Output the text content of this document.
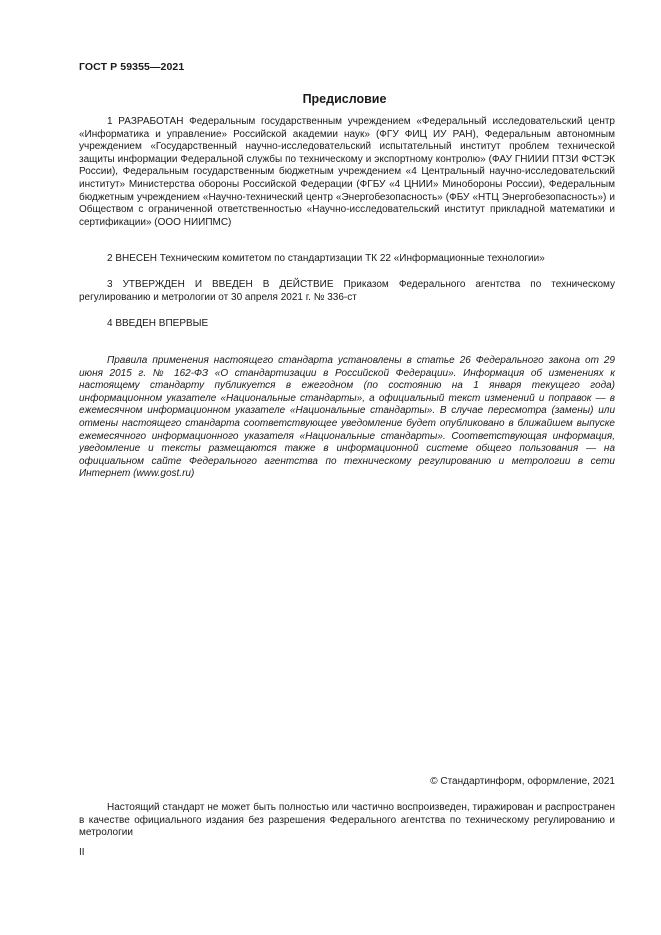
ГОСТ Р 59355—2021
Предисловие

1 РАЗРАБОТАН Федеральным государственным учреждением «Федеральный исследовательский центр «Информатика и управление» Российской академии наук» (ФГУ ФИЦ ИУ РАН), Федеральным автономным учреждением «Государственный научно-исследовательский испытательный институт проблем технической защиты информации Федеральной службы по техническому и экспортному контролю» (ФАУ ГНИИИ ПТЗИ ФСТЭК России), Федеральным государственным бюджетным учреждением «4 Центральный научно-исследовательский институт» Министерства обороны Российской Федерации (ФГБУ «4 ЦНИИ» Минобороны России), Федеральным бюджетным учреждением «Научно-технический центр «Энергобезопасность» (ФБУ «НТЦ Энергобезопасность») и Обществом с ограниченной ответственностью «Научно-исследовательский институт прикладной математики и сертификации» (ООО НИИПМС)

2 ВНЕСЕН Техническим комитетом по стандартизации ТК 22 «Информационные технологии»

3 УТВЕРЖДЕН И ВВЕДЕН В ДЕЙСТВИЕ Приказом Федерального агентства по техническому регулированию и метрологии от 30 апреля 2021 г. № 336-ст

4 ВВЕДЕН ВПЕРВЫЕ

Правила применения настоящего стандарта установлены в статье 26 Федерального закона от 29 июня 2015 г. № 162-ФЗ «О стандартизации в Российской Федерации». Информация об изменениях к настоящему стандарту публикуется в ежегодном (по состоянию на 1 января текущего года) информационном указателе «Национальные стандарты», а официальный текст изменений и поправок — в ежемесячном информационном указателе «Национальные стандарты». В случае пересмотра (замены) или отмены настоящего стандарта соответствующее уведомление будет опубликовано в ближайшем выпуске ежемесячного информационного указателя «Национальные стандарты». Соответствующая информация, уведомление и тексты размещаются также в информационной системе общего пользования — на официальном сайте Федерального агентства по техническому регулированию и метрологии в сети Интернет (www.gost.ru)

© Стандартинформ, оформление, 2021

Настоящий стандарт не может быть полностью или частично воспроизведен, тиражирован и распространен в качестве официального издания без разрешения Федерального агентства по техническому регулированию и метрологии

II
